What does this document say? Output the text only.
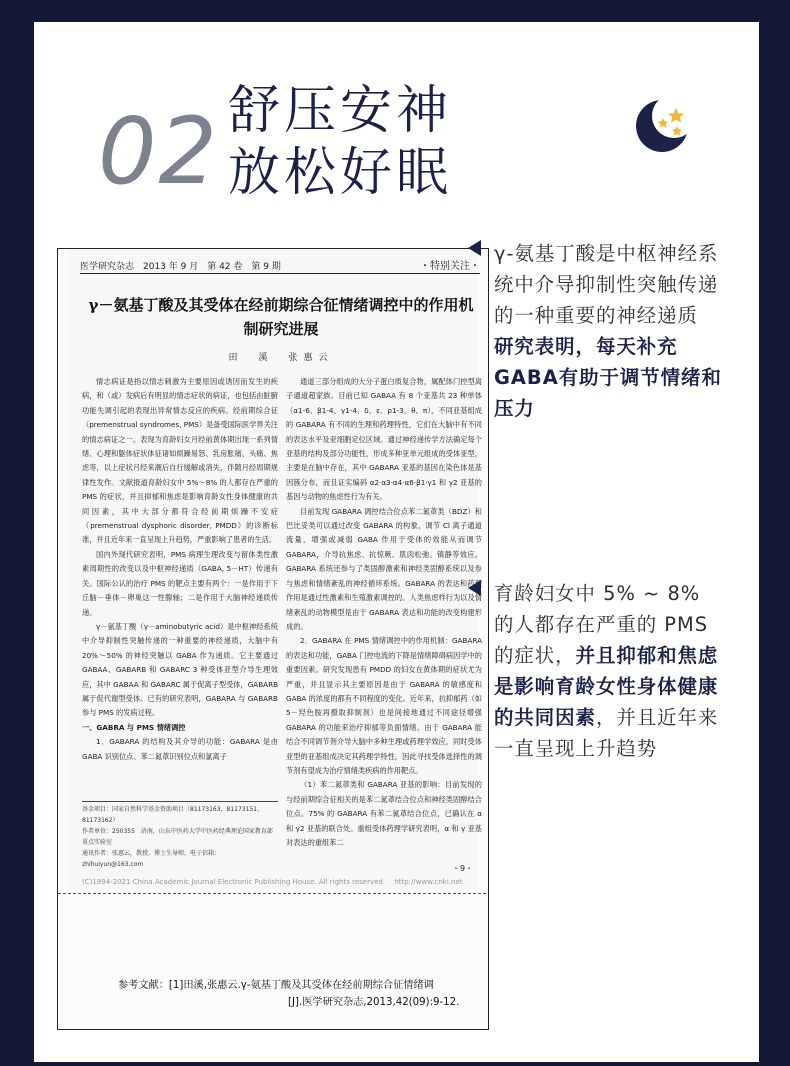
02 舒压安神
放松好眠
医学研究杂志　2013 年 9 月　第 42 卷　第 9 期	・特别关注・
γ－氨基丁酸及其受体在经前期综合征情绪调控中的作用机制研究进展
田　溪　张惠云

情志病证是指以情志刺激为主要原因或诱因而发生的疾病，和（或）发病后有明显的情志症状的病证，也包括由脏腑功能失调引起的表现出异常情志反应的疾病。经前期综合征（premenstrual syndromes, PMS）是备受国际医学界关注的情志病证之一。表现为育龄妇女月经前黄体期出现一系列情绪、心理和躯体症状体征诸如烦躁易怒、乳房胀痛、头痛、焦虑等，以上症状月经来潮后自行缓解或消失，伴随月经周期规律性发作。文献报道育龄妇女中 5%～8% 的人都存在严重的 PMS 的症状，并且抑郁和焦虑是影响育龄女性身体健康的共同因素，其中大部分都符合经前期烦躁不安症（premenstrual dysphoric disorder, PMDD）的诊断标准，并且近年来一直呈现上升趋势，严重影响了患者的生活。

国内外现代研究表明，PMS 病理生理改变与留体类性激素周期性的改变以及中枢神经递质（GABA, 5－HT）传递有关。国际公认的治疗 PMS 的靶点主要有两个：一是作用于下丘脑－垂体－卵巢这一性腺轴；二是作用于大脑神经递质传递。

γ－氨基丁酸（γ－aminobutyric acid）是中枢神经系统中介导抑制性突触传递的一种重要的神经递质，大脑中有 20%～50% 的神经突触以 GABA 作为递质。它主要通过 GABAA、GABARB 和 GABARC 3 种受体亚型介导生理效应，其中 GABAA 和 GABARC 属于促离子型受体，GABARB 属于促代谢型受体。已有的研究表明，GABARA 与 GABARB 参与 PMS 的发病过程。

一、GABRA 与 PMS 情绪调控

1．GABARA 的结构及其介导的功能：GABARA 是由 GABA 识别位点、苯二氮䓬识别位点和氯离子

通道三部分组成的大分子蛋白质复合物，属配体门控型离子通道超家族。目前已知 GABAA 有 8 个亚基共 23 种单体（α1-6、β1-4、γ1-4、δ、ε、ρ1-3、θ、π），不同亚基组成的 GABARA 有不同的生理和药理特性，它们在大脑中有不同的表达水平及亚细胞定位区域。通过神经递传学方法确定每个亚基的结构及部分功能性，形成多种亚单元组成的受体亚型，主要是在脑中存在，其中 GABARA 亚基的基因在染色体是基因簇分布，而且证实编码 α2·α3·α4·α6·β1·γ1 和 γ2 亚基的基因与动物的焦虑性行为有关。

目前发现 GABARA 调控结合位点苯二氮䓬类（BDZ）和巴比妥类可以通过改变 GABARA 的构象，调节 Cl 离子通道流量，增强或减弱 GABA 作用于受体的效能从而调节 GABARA，介导抗焦虑、抗惊厥、肌肉松弛、镇静等效应。GABARA 系统还参与了类固醇激素和神经类固醇系统以及参与焦虑和情绪紊乱的神经循环系统。GABARA 的表达和药理作用是通过性激素和生殖激素调控的。人类焦虑样行为以及情绪紊乱的动物模型是由于 GABARA 表达和功能的改变构建形成的。

2．GABARA 在 PMS 情绪调控中的作用机制：GABARA 的表达和功能，GABA 门控电流的下降是情绪障碍病因学中的重要因素。研究发现患有 PMDD 的妇女在黄体期的症状尤为严重，并且显示其主要原因是由于 GABARA 的敏感度和 GABA 的浓度的都有不同程度的变化。近年来，抗抑郁药（如 5－羟色胺再摄取抑制剂）也是间接地通过不同途径增强 GABARA 的功能来治疗抑郁等负面情绪。由于 GABARA 能结合不同调节剂介导大脑中多种生理或药理学效应，同时受体亚型的亚基组成决定其药理学特性，因此寻找受体选择性的调节剂有望成为治疗情绪类疾病的作用靶点。

（1）苯二氮䓬类和 GABARA 亚基的影响：目前发现的与经前期综合征相关的是苯二氮䓬结合位点和神经类固醇结合位点。75% 的 GABARA 有苯二氮䓬结合位点，已确认在 α 和 γ2 亚基的联合处。重组受体药理学研究表明，α 和 γ 亚基对表达的重组苯二

基金项目：国家自然科学基金资助项目（81173163，81173151，81173162）
作者单位：250355　济南，山东中医药大学中医药经典理论国家教育部重点实验室
通讯作者：张惠云，教授，博士生导师，电子信箱：zhihuiyun@163.com	・9・
(C)1994-2021 China Academic Journal Electronic Publishing House. All rights reserved.　 http://www.cnki.net
参考文献：[1]田溪,张惠云.γ-氨基丁酸及其受体在经前期综合征情绪调
[J].医学研究杂志,2013,42(09):9-12.

γ-氨基丁酸是中枢神经系统中介导抑制性突触传递的一种重要的神经递质

研究表明，每天补充GABA有助于调节情绪和压力

育龄妇女中 5% ~ 8% 的人都存在严重的 PMS 的症状，并且抑郁和焦虑是影响育龄女性身体健康的共同因素，并且近年来一直呈现上升趋势
